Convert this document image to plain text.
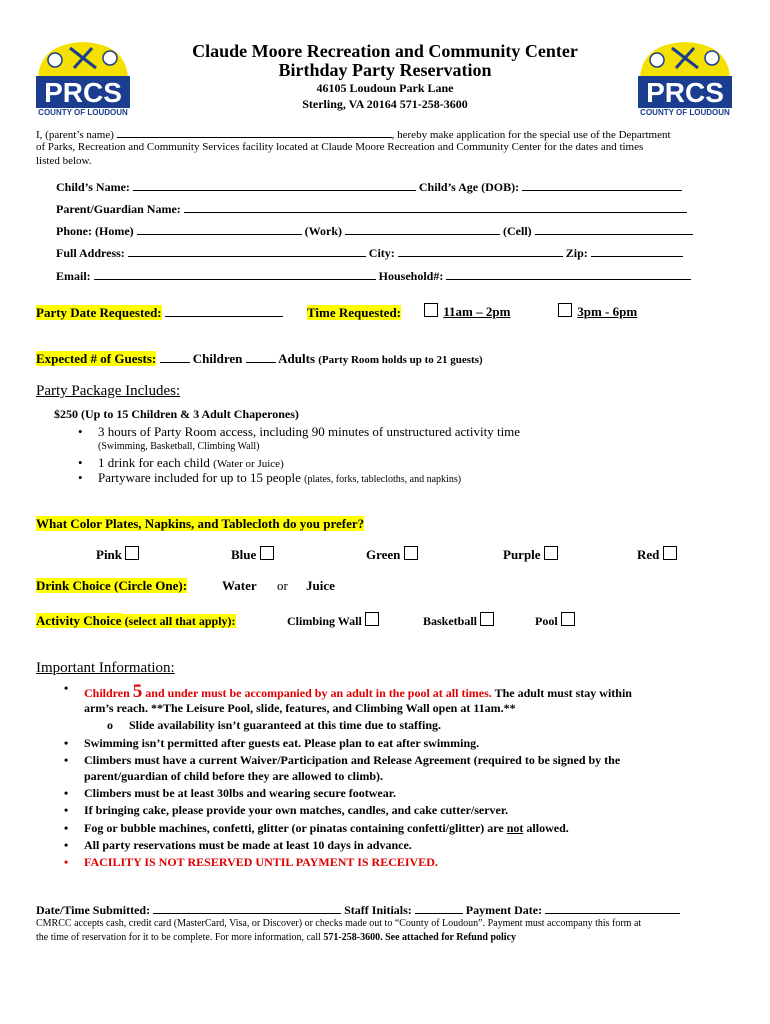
PRCS
COUNTY OF LOUDOUN
PRCS
COUNTY OF LOUDOUN
Claude Moore Recreation and Community Center
Birthday Party Reservation
46105 Loudoun Park Lane
Sterling, VA 20164 571-258-3600
I, (parent’s name)	, hereby make application for the special use of the Department
of Parks, Recreation and Community Services facility located at Claude Moore Recreation and Community Center for the dates and times
listed below.
Child’s Name:	Child’s Age (DOB):
Parent/Guardian Name:
Phone: (Home)	(Work)	(Cell)
Full Address:	City:	Zip:
Email:	Household#:
Party Date Requested:	Time Requested:	11am – 2pm	3pm - 6pm
Expected # of Guests:	Children	Adults (Party Room holds up to 21 guests)
Party Package Includes:
$250 (Up to 15 Children & 3 Adult Chaperones)
• 3 hours of Party Room access, including 90 minutes of unstructured activity time
(Swimming, Basketball, Climbing Wall)
• 1 drink for each child (Water or Juice)
• Partyware included for up to 15 people (plates, forks, tablecloths, and napkins)
What Color Plates, Napkins, and Tablecloth do you prefer?
Pink	Blue	Green	Purple	Red
Drink Choice (Circle One):	Water or Juice
Activity Choice (select all that apply):	Climbing Wall	Basketball	Pool
Important Information:
• Children 5 and under must be accompanied by an adult in the pool at all times. The adult must stay within
arm’s reach. **The Leisure Pool, slide, features, and Climbing Wall open at 11am.**
o Slide availability isn’t guaranteed at this time due to staffing.
• Swimming isn’t permitted after guests eat. Please plan to eat after swimming.
• Climbers must have a current Waiver/Participation and Release Agreement (required to be signed by the
parent/guardian of child before they are allowed to climb).
• Climbers must be at least 30lbs and wearing secure footwear.
• If bringing cake, please provide your own matches, candles, and cake cutter/server.
• Fog or bubble machines, confetti, glitter (or pinatas containing confetti/glitter) are not allowed.
• All party reservations must be made at least 10 days in advance.
• FACILITY IS NOT RESERVED UNTIL PAYMENT IS RECEIVED.
Date/Time Submitted:	Staff Initials:	Payment Date:
CMRCC accepts cash, credit card (MasterCard, Visa, or Discover) or checks made out to “County of Loudoun”. Payment must accompany this form at
the time of reservation for it to be complete. For more information, call 571-258-3600. See attached for Refund policy
